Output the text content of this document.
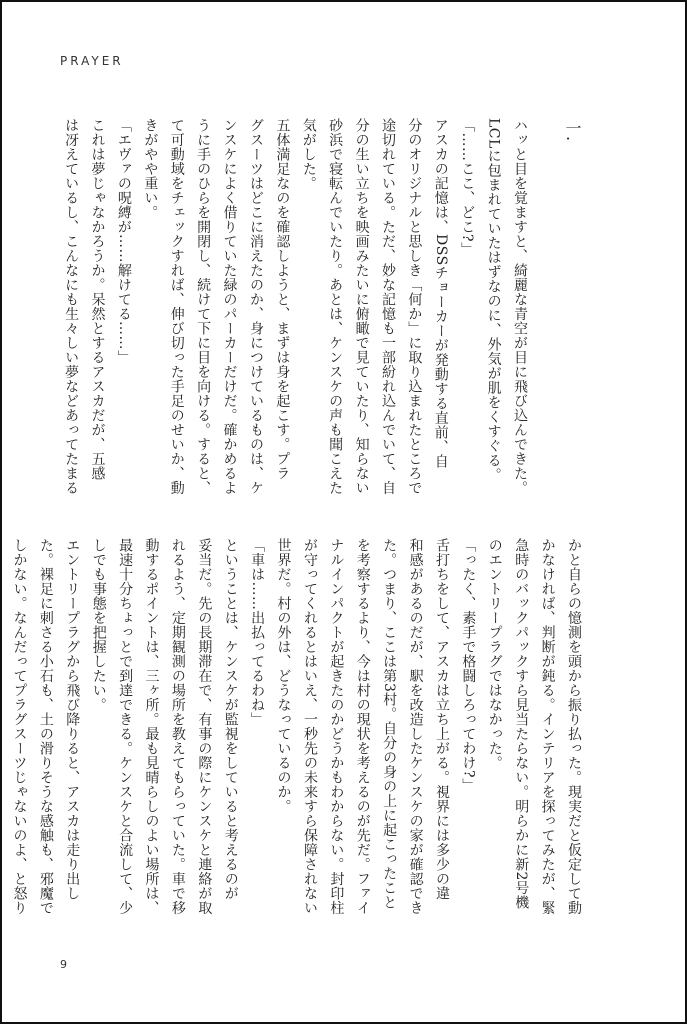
PRAYER
一.
ハッと目を覚ますと、綺麗な青空が目に飛び込んできた。
LCLに包まれていたはずなのに、外気が肌をくすぐる。
「……ここ、どこ?」
アスカの記憶は、DSSチョーカーが発動する直前、自
分のオリジナルと思しき「何か」に取り込まれたところで
途切れている。ただ、妙な記憶も一部紛れ込んでいて、自
分の生い立ちを映画みたいに俯瞰で見ていたり、知らない
砂浜で寝転んでいたり。あとは、ケンスケの声も聞こえた
気がした。
五体満足なのを確認しようと、まずは身を起こす。プラ
グスーツはどこに消えたのか、身につけているものは、ケ
ンスケによく借りていた緑のパーカーだけだ。確かめるよ
うに手のひらを開閉し、続けて下に目を向ける。すると、
て可動域をチェックすれば、伸び切った手足のせいか、動
きがやや重い。
「エヴァの呪縛が……解けてる……」
これは夢じゃなかろうか。呆然とするアスカだが、五感
は冴えているし、こんなにも生々しい夢などあってたまる
かと自らの憶測を頭から振り払った。現実だと仮定して動
かなければ、判断が鈍る。インテリアを探ってみたが、緊
急時のバックパックすら見当たらない。明らかに新2号機
のエントリープラグではなかった。
「ったく、素手で格闘しろってわけ?」
舌打ちをして、アスカは立ち上がる。視界には多少の違
和感があるのだが、駅を改造したケンスケの家が確認でき
た。つまり、ここは第3村。自分の身の上に起こったこと
を考察するより、今は村の現状を考えるのが先だ。ファイ
ナルインパクトが起きたのかどうかもわからない。封印柱
が守ってくれるとはいえ、一秒先の未来すら保障されない
世界だ。村の外は、どうなっているのか。
「車は……出払ってるわね」
ということは、ケンスケが監視をしていると考えるのが
妥当だ。先の長期滞在で、有事の際にケンスケと連絡が取
れるよう、定期観測の場所を教えてもらっていた。車で移
動するポイントは、三ヶ所。最も見晴らしのよい場所は、
最速十分ちょっとで到達できる。ケンスケと合流して、少
しでも事態を把握したい。
エントリープラグから飛び降りると、アスカは走り出し
た。裸足に刺さる小石も、土の滑りそうな感触も、邪魔で
しかない。なんだってプラグスーツじゃないのよ、と怒り
9
